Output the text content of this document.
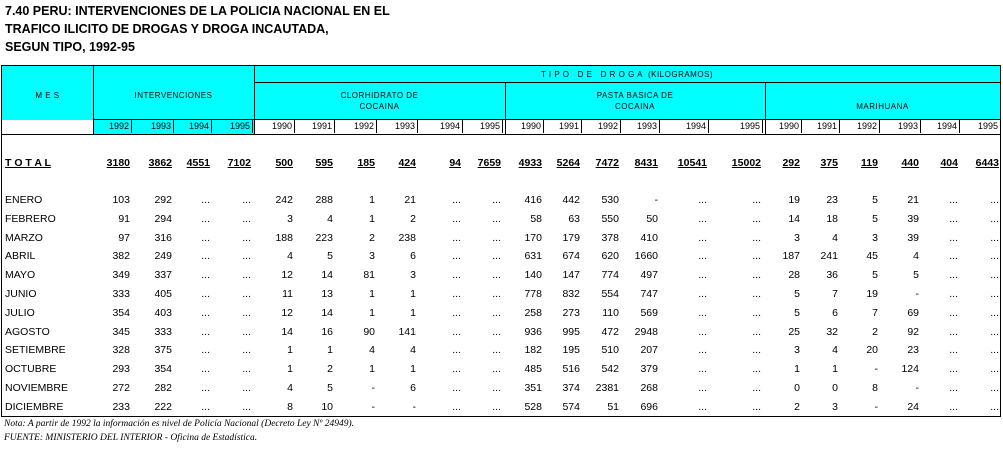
7.40 PERU: INTERVENCIONES DE LA POLICIA NACIONAL EN EL
TRAFICO ILICITO DE DROGAS Y DROGA INCAUTADA,
SEGUN TIPO, 1992-95
M E S	INTERVENCIONES
T I P O   D E   D R O G A  (KILOGRAMOS)
CLORHIDRATO DE
COCAINA
PASTA BASICA DE
COCAINA	MARIHUANA
1992	1993	1994	1995	1990	1991	1992	1993	1994	1995	1990	1991	1992	1993	1994	1995	1990	1991	1992	1993	1994	1995
T O T A L	3180	3862	4551	7102	500	595	185	424	94	7659	4933	5264	7472	8431	10541	15002	292	375	119	440	404	6443
ENERO	103	292	...	...	242	288	1	21	...	...	416	442	530	-	...	...	19	23	5	21	...	...
FEBRERO	91	294	...	...	3	4	1	2	...	...	58	63	550	50	...	...	14	18	5	39	...	...
MARZO	97	316	...	...	188	223	2	238	...	...	170	179	378	410	...	...	3	4	3	39	...	...
ABRIL	382	249	...	...	4	5	3	6	...	...	631	674	620	1660	...	...	187	241	45	4	...	...
MAYO	349	337	...	...	12	14	81	3	...	...	140	147	774	497	...	...	28	36	5	5	...	...
JUNIO	333	405	...	...	11	13	1	1	...	...	778	832	554	747	...	...	5	7	19	-	...	...
JULIO	354	403	...	...	12	14	1	1	...	...	258	273	110	569	...	...	5	6	7	69	...	...
AGOSTO	345	333	...	...	14	16	90	141	...	...	936	995	472	2948	...	...	25	32	2	92	...	...
SETIEMBRE	328	375	...	...	1	1	4	4	...	...	182	195	510	207	...	...	3	4	20	23	...	...
OCTUBRE	293	354	...	...	1	2	1	1	...	...	485	516	542	379	...	...	1	1	-	124	...	...
NOVIEMBRE	272	282	...	...	4	5	-	6	...	...	351	374	2381	268	...	...	0	0	8	-	...	...
DICIEMBRE	233	222	...	...	8	10	-	-	...	...	528	574	51	696	...	...	2	3	-	24	...	...
Nota: A partir de 1992 la información es nivel de Policía Nacional (Decreto Ley Nº 24949).
FUENTE: MINISTERIO DEL INTERIOR - Oficina de Estadística.
